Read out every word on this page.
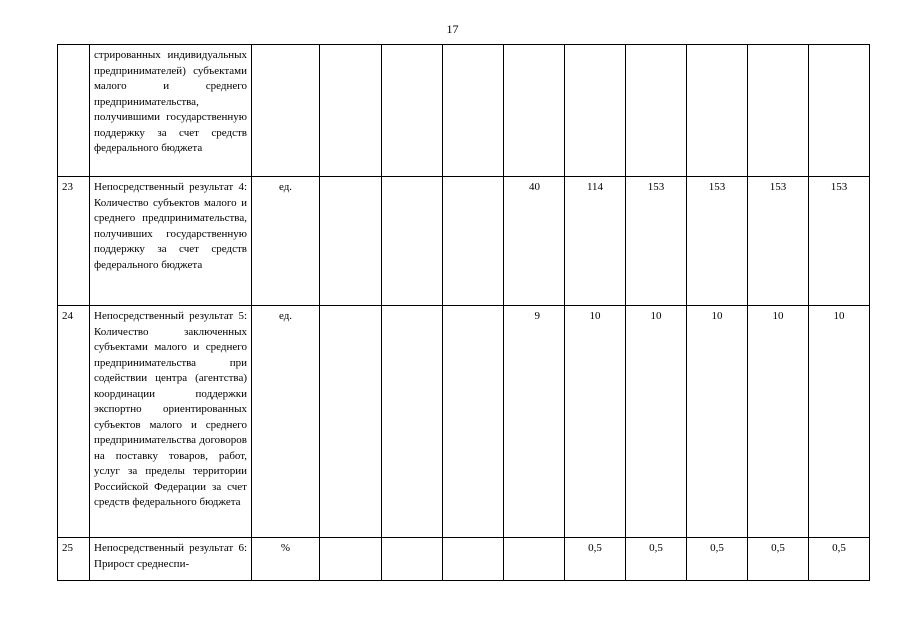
17
	стрированных индивидуальных предпринимателей) субъектами малого и среднего предпринимательства, получившими государственную поддержку за счет средств федерального бюджета										
23	Непосредственный результат 4: Количество субъектов малого и среднего предпринимательства, получивших государственную поддержку за счет средств федерального бюджета	ед.				40	114	153	153	153	153
24	Непосредственный результат 5: Количество заключенных субъектами малого и среднего предпринимательства при содействии центра (агентства) координации поддержки экспортно ориентированных субъектов малого и среднего предпринимательства договоров на поставку товаров, работ, услуг за пределы территории Российской Федерации за счет средств федерального бюджета	ед.				9	10	10	10	10	10
25	Непосредственный результат 6: Прирост среднеспи-	%					0,5	0,5	0,5	0,5	0,5
